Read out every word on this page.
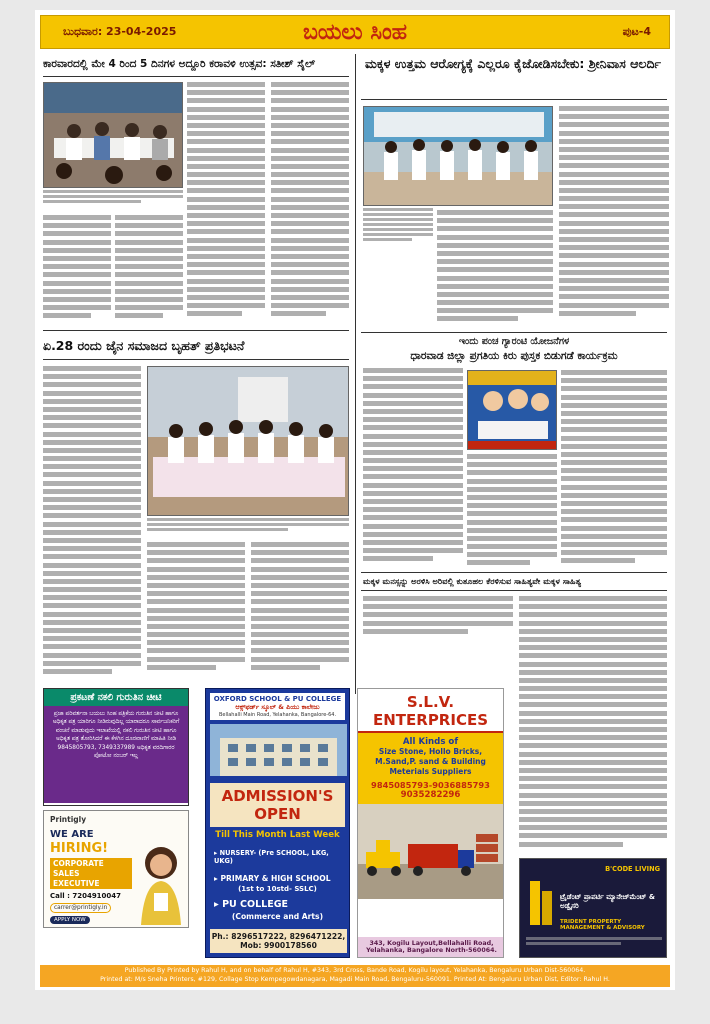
ಬುಧವಾರ: 23-04-2025	ಬಯಲು ಸಿಂಹ	ಪುಟ-4
ಕಾರವಾರದಲ್ಲಿ ಮೇ 4 ರಿಂದ 5 ದಿನಗಳ ಅದ್ದೂರಿ ಕರಾವಳಿ ಉತ್ಸವ: ಸತೀಶ್ ಸೈಲ್	ಮಕ್ಕಳ ಉತ್ತಮ ಆರೋಗ್ಯಕ್ಕೆ ಎಲ್ಲರೂ ಕೈಜೋಡಿಸಬೇಕು: ಶ್ರೀನಿವಾಸ ಆಲರ್ದಿ
ಇಂದು ಪಂಚ ಗ್ಯಾರಂಟಿ ಯೋಜನೆಗಳ
ಧಾರವಾಡ ಜಿಲ್ಲಾ ಪ್ರಗತಿಯ ಕಿರು ಪುಸ್ತಕ ಬಿಡುಗಡೆ ಕಾರ್ಯಕ್ರಮ
ಏ.28 ರಂದು ಜೈನ ಸಮಾಜದ ಬೃಹತ್ ಪ್ರತಿಭಟನೆ
ಮಕ್ಕಳ ಮನಸ್ಸನ್ನು ಅರಳಿಸಿ ಅರಿವಲ್ಲಿ ಕುತೂಹಲ ಕೆರಳಿಸುವ ಸಾಹಿತ್ಯವೇ ಮಕ್ಕಳ ಸಾಹಿತ್ಯ
ಪ್ರಕಟಣೆ ನಕಲಿ ಗುರುತಿನ ಚೀಟಿ
ಪ್ರಜಾ ಪರಿವರ್ತನಾ ಬಯಲು ಸಿಂಹ ಪತ್ರಿಕೆಯ ಗುರುತಿನ ಚೀಟಿ ಹಾಗೂ ಅಧಿಕೃತ ಪತ್ರ ಯಾರಿಗೂ ನೀಡಿರುವುದಿಲ್ಲ ಯಾರಾದರೂ ಸಾರ್ವಜನಿಕರಿಗೆ ವಂಚನೆ ಮಾಡುವುದು ಇಲಾಖೆಯಲ್ಲಿ ನಕಲಿ ಗುರುತಿನ ಚೀಟಿ ಹಾಗೂ ಅಧಿಕೃತ ಪತ್ರ ತೋರಿಸಿದರೆ ಈ ಕೆಳಗಿನ ದೂರವಾಣಿಗೆ ಮಾಹಿತಿ ನೀಡಿ 9845805793, 7349337989 ಅಧಿಕೃತ ವರದಿಗಾರರ ಪೋಟೋ ನಂಬರ್ ಇಲ್ಲ
Printigly
WE ARE
HIRING!
CORPORATE
SALES
EXECUTIVE
Call : 7204910047
carrer@printigly.in
APPLY NOW
OXFORD SCHOOL & PU COLLEGE
ಆಕ್ಸ್‌ಫರ್ಡ್ ಸ್ಕೂಲ್ & ಪಿಯು ಕಾಲೇಜು
Bellahalli Main Road, Yelahanka, Bangalore-64.
ADMISSION'S OPEN
Till This Month Last Week
▸ NURSERY- (Pre SCHOOL, LKG, UKG)
▸ PRIMARY & HIGH SCHOOL
(1st to 10std- SSLC)
▸ PU COLLEGE
(Commerce and Arts)
Ph.: 8296517222, 8296471222,
Mob: 9900178560
S.L.V. ENTERPRICES
All Kinds of
Size Stone, Hollo Bricks, M.Sand,P. sand & Building Meterials Suppliers
9845085793-9036885793
9035282296
343, Kogilu Layout,Bellahalli Road,
Yelahanka, Bangalore North-560064.
B'CODE LIVING
ಟ್ರೈಡೆಂಟ್ ಪ್ರಾಪರ್ಟಿ ಮ್ಯಾನೇಜ್‌ಮೆಂಟ್ & ಅಡ್ವೈಸರಿ
TRIDENT PROPERTY MANAGEMENT & ADVISORY
Published By Printed by Rahul H, and on behalf of Rahul H, #343, 3rd Cross, Bande Road, Kogilu layout, Yelahanka, Bengaluru Urban Dist-560064.
Printed at: M/s Sneha Printers, #129, Collage Stop Kempegowdanagara, Magadi Main Road, Bengaluru-560091. Printed At: Bengaluru Urban Dist, Editor: Rahul H.
